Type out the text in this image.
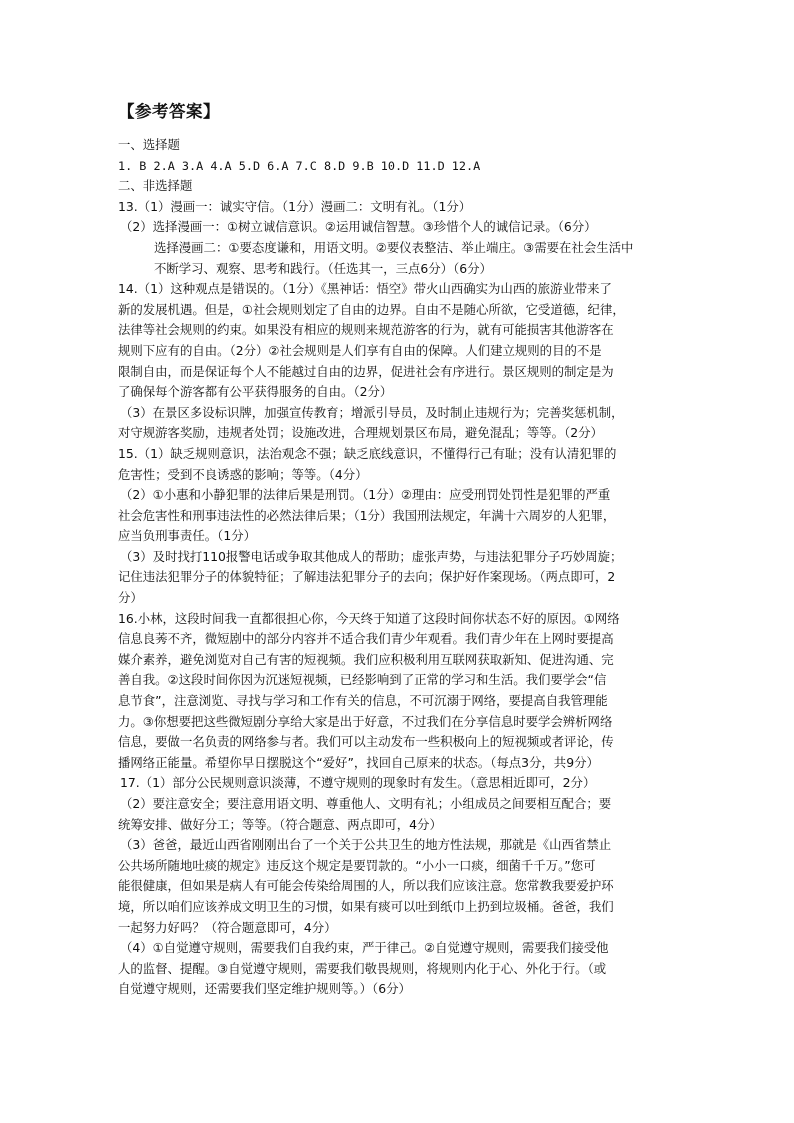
【参考答案】
一、选择题
1. B 2.A 3.A 4.A 5.D 6.A 7.C 8.D 9.B 10.D 11.D 12.A
二、非选择题
13.（1）漫画一：诚实守信。（1分）漫画二：文明有礼。（1分）
（2）选择漫画一：①树立诚信意识。②运用诚信智慧。③珍惜个人的诚信记录。（6分）
选择漫画二：①要态度谦和，用语文明。②要仪表整洁、举止端庄。③需要在社会生活中
不断学习、观察、思考和践行。（任选其一，三点6分）（6分）
14.（1）这种观点是错误的。（1分）《黑神话：悟空》带火山西确实为山西的旅游业带来了
新的发展机遇。但是，①社会规则划定了自由的边界。自由不是随心所欲，它受道德，纪律，
法律等社会规则的约束。如果没有相应的规则来规范游客的行为，就有可能损害其他游客在
规则下应有的自由。（2分）②社会规则是人们享有自由的保障。人们建立规则的目的不是
限制自由，而是保证每个人不能越过自由的边界，促进社会有序进行。景区规则的制定是为
了确保每个游客都有公平获得服务的自由。（2分）
（3）在景区多设标识牌，加强宣传教育；增派引导员，及时制止违规行为；完善奖惩机制，
对守规游客奖励，违规者处罚；设施改进，合理规划景区布局，避免混乱；等等。（2分）
15.（1）缺乏规则意识，法治观念不强；缺乏底线意识，不懂得行己有耻；没有认清犯罪的
危害性；受到不良诱惑的影响；等等。（4分）
（2）①小惠和小静犯罪的法律后果是刑罚。（1分）②理由：应受刑罚处罚性是犯罪的严重
社会危害性和刑事违法性的必然法律后果；（1分）我国刑法规定，年满十六周岁的人犯罪，
应当负刑事责任。（1分）
（3）及时找打110报警电话或争取其他成人的帮助；虚张声势，与违法犯罪分子巧妙周旋；
记住违法犯罪分子的体貌特征；了解违法犯罪分子的去向；保护好作案现场。（两点即可，2
分）
16.小林，这段时间我一直都很担心你，今天终于知道了这段时间你状态不好的原因。①网络
信息良莠不齐，微短剧中的部分内容并不适合我们青少年观看。我们青少年在上网时要提高
媒介素养，避免浏览对自己有害的短视频。我们应积极利用互联网获取新知、促进沟通、完
善自我。②这段时间你因为沉迷短视频，已经影响到了正常的学习和生活。我们要学会“信
息节食”，注意浏览、寻找与学习和工作有关的信息，不可沉溺于网络，要提高自我管理能
力。③你想要把这些微短剧分享给大家是出于好意，不过我们在分享信息时要学会辨析网络
信息，要做一名负责的网络参与者。我们可以主动发布一些积极向上的短视频或者评论，传
播网络正能量。希望你早日摆脱这个“爱好”，找回自己原来的状态。（每点3分，共9分）
17.（1）部分公民规则意识淡薄，不遵守规则的现象时有发生。（意思相近即可，2分）
（2）要注意安全；要注意用语文明、尊重他人、文明有礼；小组成员之间要相互配合；要
统筹安排、做好分工；等等。（符合题意、两点即可，4分）
（3）爸爸，最近山西省刚刚出台了一个关于公共卫生的地方性法规，那就是《山西省禁止
公共场所随地吐痰的规定》违反这个规定是要罚款的。“小小一口痰，细菌千千万。”您可
能很健康，但如果是病人有可能会传染给周围的人，所以我们应该注意。您常教我要爱护环
境，所以咱们应该养成文明卫生的习惯，如果有痰可以吐到纸巾上扔到垃圾桶。爸爸，我们
一起努力好吗？（符合题意即可，4分）
（4）①自觉遵守规则，需要我们自我约束，严于律己。②自觉遵守规则，需要我们接受他
人的监督、提醒。③自觉遵守规则，需要我们敬畏规则，将规则内化于心、外化于行。（或
自觉遵守规则，还需要我们坚定维护规则等。）（6分）
